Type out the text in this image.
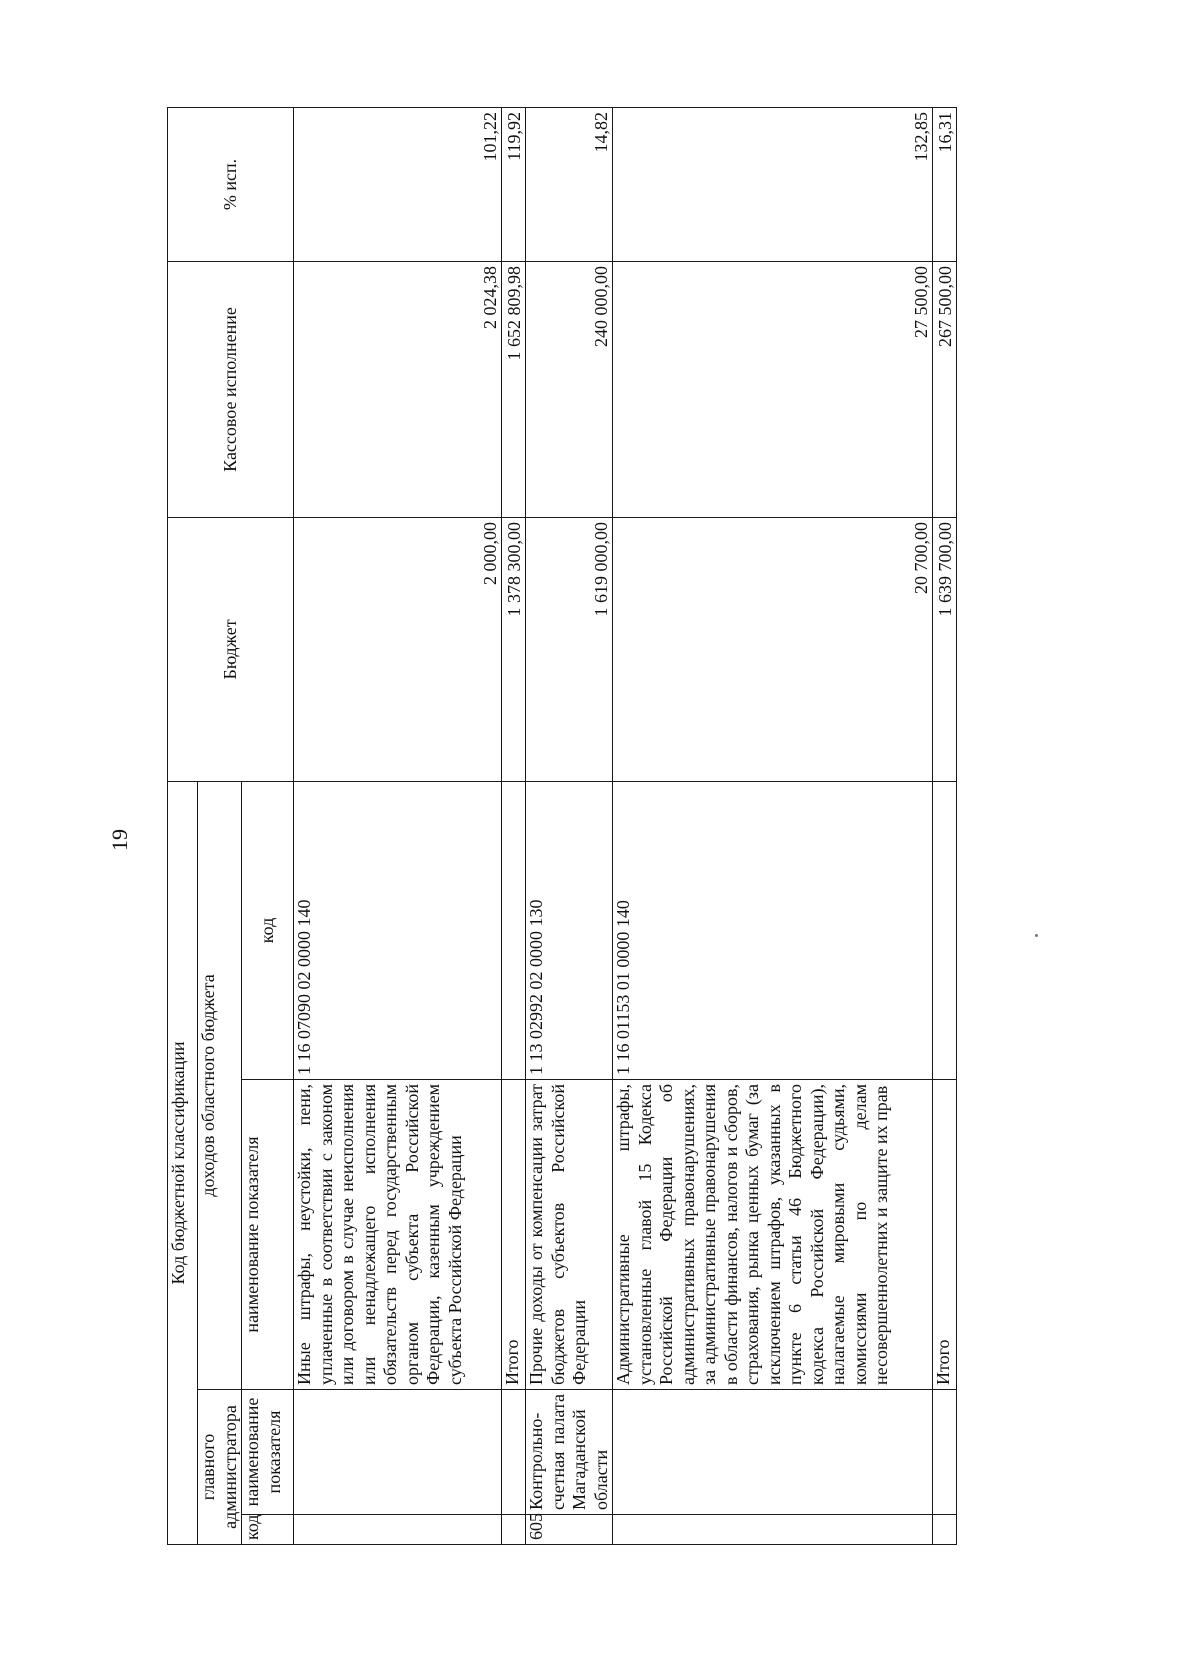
19
Код бюджетной классификации				Бюджет	Кассовое исполнение	% исп.
главного администратора		доходов областного бюджета				
код	наименование показателя	наименование показателя	код			
		Иные штрафы, неустойки, пени, уплаченные в соответствии с законом или договором в случае неисполнения или ненадлежащего исполнения обязательств перед государственным органом субъекта Российской Федерации, казенным учреждением субъекта Российской Федерации	1 16 07090 02 0000 140	2 000,00	2 024,38	101,22
		Итого		1 378 300,00	1 652 809,98	119,92
605	Контрольно-счетная палата Магаданской области	Прочие доходы от компенсации затрат бюджетов субъектов Российской Федерации	1 13 02992 02 0000 130	1 619 000,00	240 000,00	14,82
		Административные штрафы, установленные главой 15 Кодекса Российской Федерации об административных правонарушениях, за административные правонарушения в области финансов, налогов и сборов, страхования, рынка ценных бумаг (за исключением штрафов, указанных в пункте 6 статьи 46 Бюджетного кодекса Российской Федерации), налагаемые мировыми судьями, комиссиями по делам несовершеннолетних и защите их прав	1 16 01153 01 0000 140	20 700,00	27 500,00	132,85
		Итого		1 639 700,00	267 500,00	16,31
